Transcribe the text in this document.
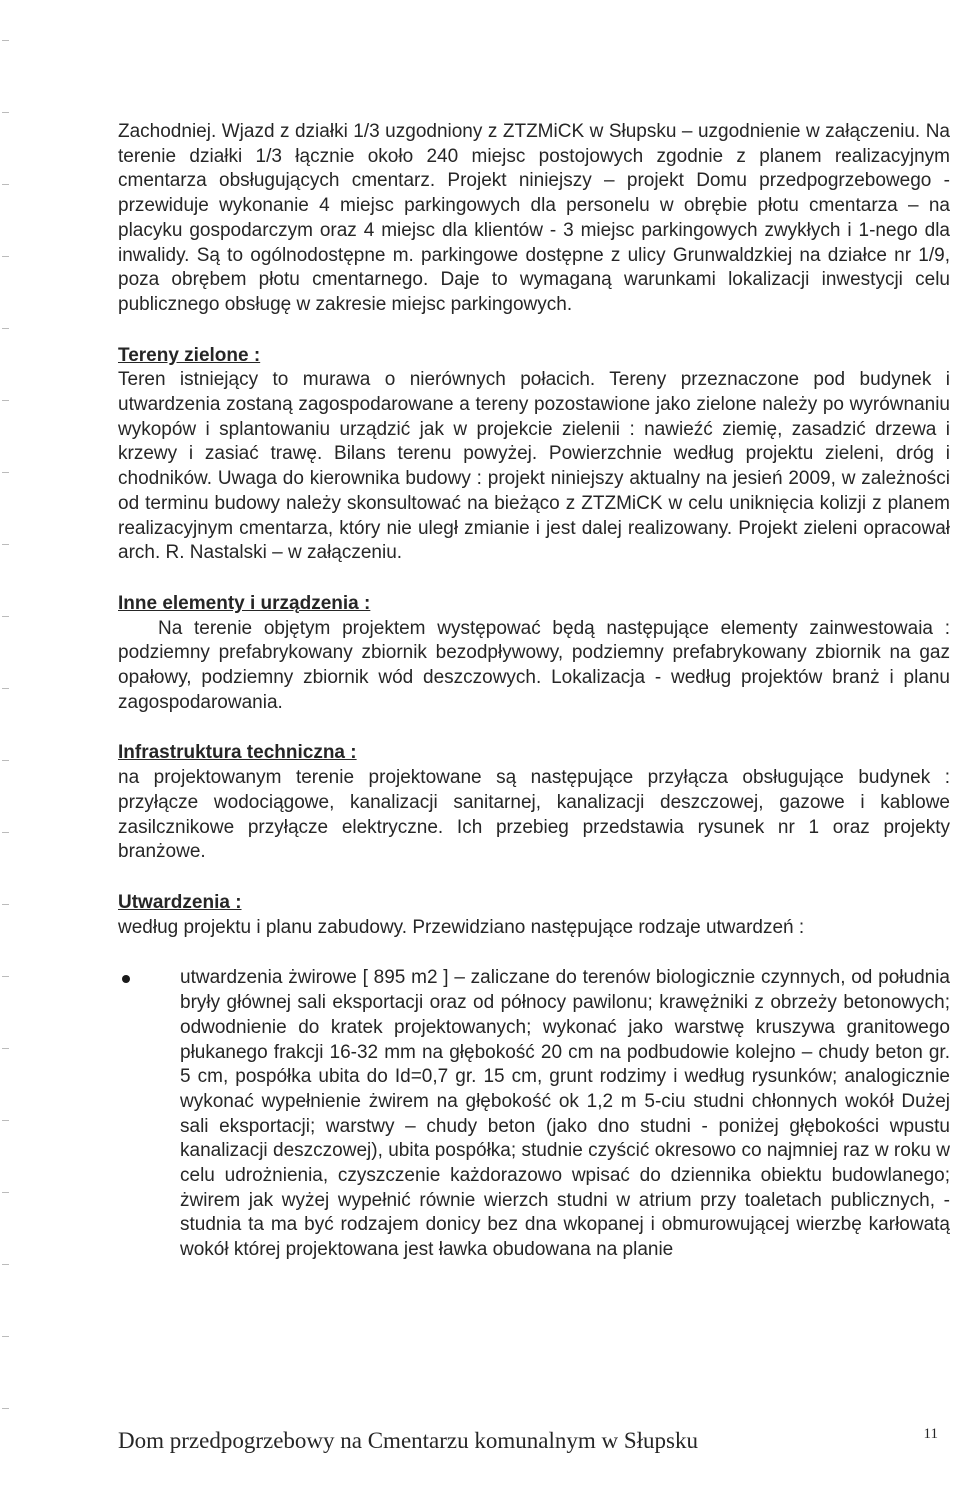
Zachodniej. Wjazd z działki 1/3 uzgodniony z ZTZMiCK w Słupsku – uzgodnienie w załączeniu. Na terenie działki 1/3 łącznie około 240 miejsc postojowych zgodnie z planem realizacyjnym cmentarza obsługujących cmentarz. Projekt niniejszy – projekt Domu przedpogrzebowego - przewiduje wykonanie 4 miejsc parkingowych dla personelu w obrębie płotu cmentarza – na placyku gospodarczym oraz 4 miejsc dla klientów - 3 miejsc parkingowych zwykłych i 1-nego dla inwalidy. Są to ogólnodostępne m. parkingowe dostępne z ulicy Grunwaldzkiej na działce nr 1/9, poza obrębem płotu cmentarnego. Daje to wymaganą warunkami lokalizacji inwestycji celu publicznego obsługę w zakresie miejsc parkingowych.

Tereny zielone :

Teren istniejący to murawa o nierównych połacich. Tereny przeznaczone pod budynek i utwardzenia zostaną zagospodarowane a tereny pozostawione jako zielone należy po wyrównaniu wykopów i splantowaniu urządzić jak w projekcie zielenii : nawieźć ziemię, zasadzić drzewa i krzewy i zasiać trawę. Bilans terenu powyżej. Powierzchnie według projektu zieleni, dróg i chodników. Uwaga do kierownika budowy : projekt niniejszy aktualny na jesień 2009, w zależności od terminu budowy należy skonsultować na bieżąco z ZTZMiCK w celu uniknięcia kolizji z planem realizacyjnym cmentarza, który nie uległ zmianie i jest dalej realizowany. Projekt zieleni opracował arch. R. Nastalski – w załączeniu.

Inne elementy i urządzenia :

Na terenie objętym projektem występować będą następujące elementy zainwestowaia : podziemny prefabrykowany zbiornik bezodpływowy, podziemny prefabrykowany zbiornik na gaz opałowy, podziemny zbiornik wód deszczowych. Lokalizacja - według projektów branż i planu zagospodarowania.

Infrastruktura techniczna :

na projektowanym terenie projektowane są następujące przyłącza obsługujące budynek : przyłącze wodociągowe, kanalizacji sanitarnej, kanalizacji deszczowej, gazowe i kablowe zasilcznikowe przyłącze elektryczne. Ich przebieg przedstawia rysunek nr 1 oraz projekty branżowe.

Utwardzenia :

według projektu i planu zabudowy. Przewidziano następujące rodzaje utwardzeń :

utwardzenia żwirowe [ 895 m2 ] – zaliczane do terenów biologicznie czynnych, od południa bryły głównej sali eksportacji oraz od północy pawilonu; krawężniki z obrzeży betonowych; odwodnienie do kratek projektowanych; wykonać jako warstwę kruszywa granitowego płukanego frakcji 16-32 mm na głębokość 20 cm na podbudowie kolejno – chudy beton gr. 5 cm, pospółka ubita do Id=0,7 gr. 15 cm, grunt rodzimy i według rysunków; analogicznie wykonać wypełnienie żwirem na głębokość ok 1,2 m 5-ciu studni chłonnych wokół Dużej sali eksportacji; warstwy – chudy beton (jako dno studni - poniżej głębokości wpustu kanalizacji deszczowej), ubita pospółka; studnie czyścić okresowo co najmniej raz w roku w celu udrożnienia, czyszczenie każdorazowo wpisać do dziennika obiektu budowlanego; żwirem jak wyżej wypełnić równie wierzch studni w atrium przy toaletach publicznych, - studnia ta ma być rodzajem donicy bez dna wkopanej i obmurowującej wierzbę karłowatą wokół której projektowana jest ławka obudowana na planie
Dom przedpogrzebowy na Cmentarzu komunalnym w Słupsku	11
